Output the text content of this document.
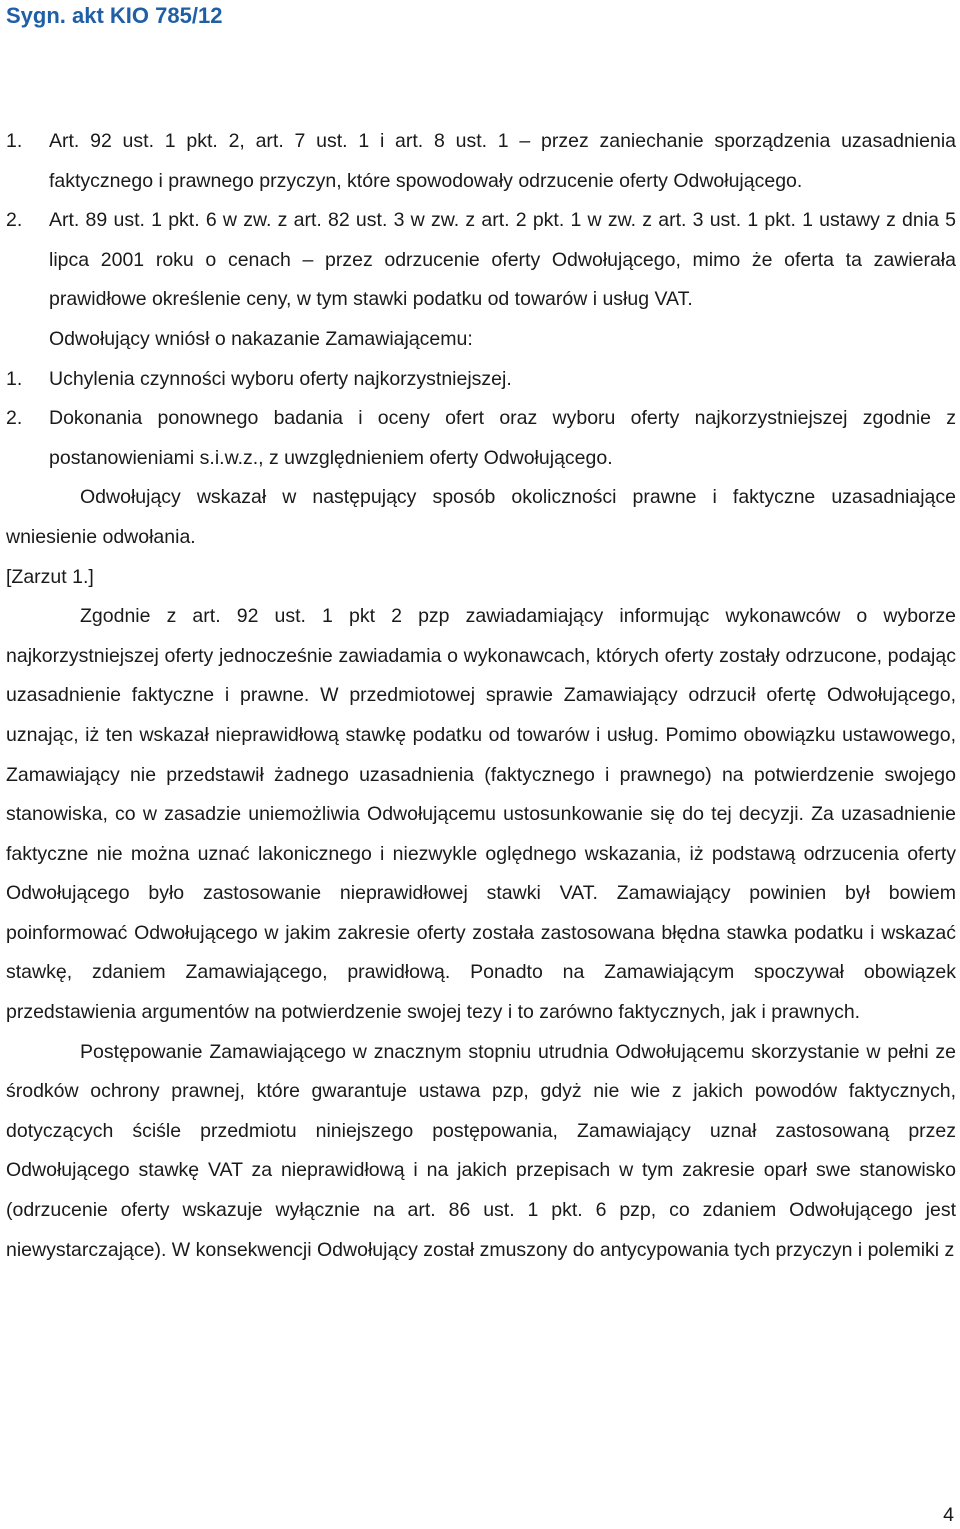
Sygn. akt KIO 785/12

1. Art. 92 ust. 1 pkt. 2, art. 7 ust. 1 i art. 8 ust. 1 – przez zaniechanie sporządzenia uzasadnienia faktycznego i prawnego przyczyn, które spowodowały odrzucenie oferty Odwołującego.

2. Art. 89 ust. 1 pkt. 6 w zw. z art. 82 ust. 3 w zw. z art. 2 pkt. 1 w zw. z art. 3 ust. 1 pkt. 1 ustawy z dnia 5 lipca 2001 roku o cenach – przez odrzucenie oferty Odwołującego, mimo że oferta ta zawierała prawidłowe określenie ceny, w tym stawki podatku od towarów i usług VAT.

Odwołujący wniósł o nakazanie Zamawiającemu:

1. Uchylenia czynności wyboru oferty najkorzystniejszej.

2. Dokonania ponownego badania i oceny ofert oraz wyboru oferty najkorzystniejszej zgodnie z postanowieniami s.i.w.z., z uwzględnieniem oferty Odwołującego.

Odwołujący wskazał w następujący sposób okoliczności prawne i faktyczne uzasadniające wniesienie odwołania.

[Zarzut 1.]

Zgodnie z art. 92 ust. 1 pkt 2 pzp zawiadamiający informując wykonawców o wyborze najkorzystniejszej oferty jednocześnie zawiadamia o wykonawcach, których oferty zostały odrzucone, podając uzasadnienie faktyczne i prawne. W przedmiotowej sprawie Zamawiający odrzucił ofertę Odwołującego, uznając, iż ten wskazał nieprawidłową stawkę podatku od towarów i usług. Pomimo obowiązku ustawowego, Zamawiający nie przedstawił żadnego uzasadnienia (faktycznego i prawnego) na potwierdzenie swojego stanowiska, co w zasadzie uniemożliwia Odwołującemu ustosunkowanie się do tej decyzji. Za uzasadnienie faktyczne nie można uznać lakonicznego i niezwykle oględnego wskazania, iż podstawą odrzucenia oferty Odwołującego było zastosowanie nieprawidłowej stawki VAT. Zamawiający powinien był bowiem poinformować Odwołującego w jakim zakresie oferty została zastosowana błędna stawka podatku i wskazać stawkę, zdaniem Zamawiającego, prawidłową. Ponadto na Zamawiającym spoczywał obowiązek przedstawienia argumentów na potwierdzenie swojej tezy i to zarówno faktycznych, jak i prawnych.

Postępowanie Zamawiającego w znacznym stopniu utrudnia Odwołującemu skorzystanie w pełni ze środków ochrony prawnej, które gwarantuje ustawa pzp, gdyż nie wie z jakich powodów faktycznych, dotyczących ściśle przedmiotu niniejszego postępowania, Zamawiający uznał zastosowaną przez Odwołującego stawkę VAT za nieprawidłową i na jakich przepisach w tym zakresie oparł swe stanowisko (odrzucenie oferty wskazuje wyłącznie na art. 86 ust. 1 pkt. 6 pzp, co zdaniem Odwołującego jest niewystarczające). W konsekwencji Odwołujący został zmuszony do antycypowania tych przyczyn i polemiki z

4
